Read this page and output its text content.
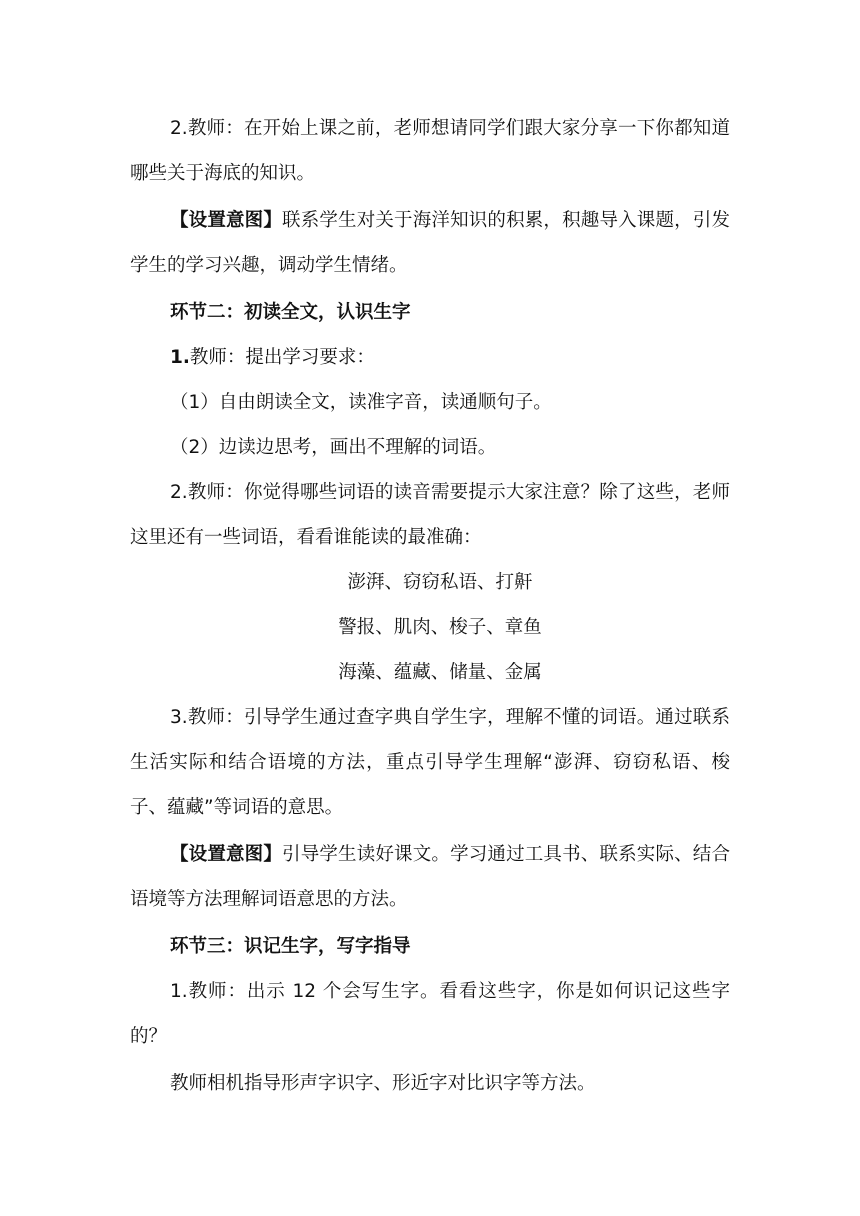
2.教师：在开始上课之前，老师想请同学们跟大家分享一下你都知道哪些关于海底的知识。

【设置意图】联系学生对关于海洋知识的积累，积趣导入课题，引发学生的学习兴趣，调动学生情绪。

环节二：初读全文，认识生字

1.教师：提出学习要求：

（1）自由朗读全文，读准字音，读通顺句子。

（2）边读边思考，画出不理解的词语。

2.教师：你觉得哪些词语的读音需要提示大家注意？除了这些，老师这里还有一些词语，看看谁能读的最准确：

澎湃、窃窃私语、打鼾

警报、肌肉、梭子、章鱼

海藻、蕴藏、储量、金属

3.教师：引导学生通过查字典自学生字，理解不懂的词语。通过联系生活实际和结合语境的方法，重点引导学生理解“澎湃、窃窃私语、梭子、蕴藏”等词语的意思。

【设置意图】引导学生读好课文。学习通过工具书、联系实际、结合语境等方法理解词语意思的方法。

环节三：识记生字，写字指导

1.教师：出示 12 个会写生字。看看这些字，你是如何识记这些字的？

教师相机指导形声字识字、形近字对比识字等方法。
